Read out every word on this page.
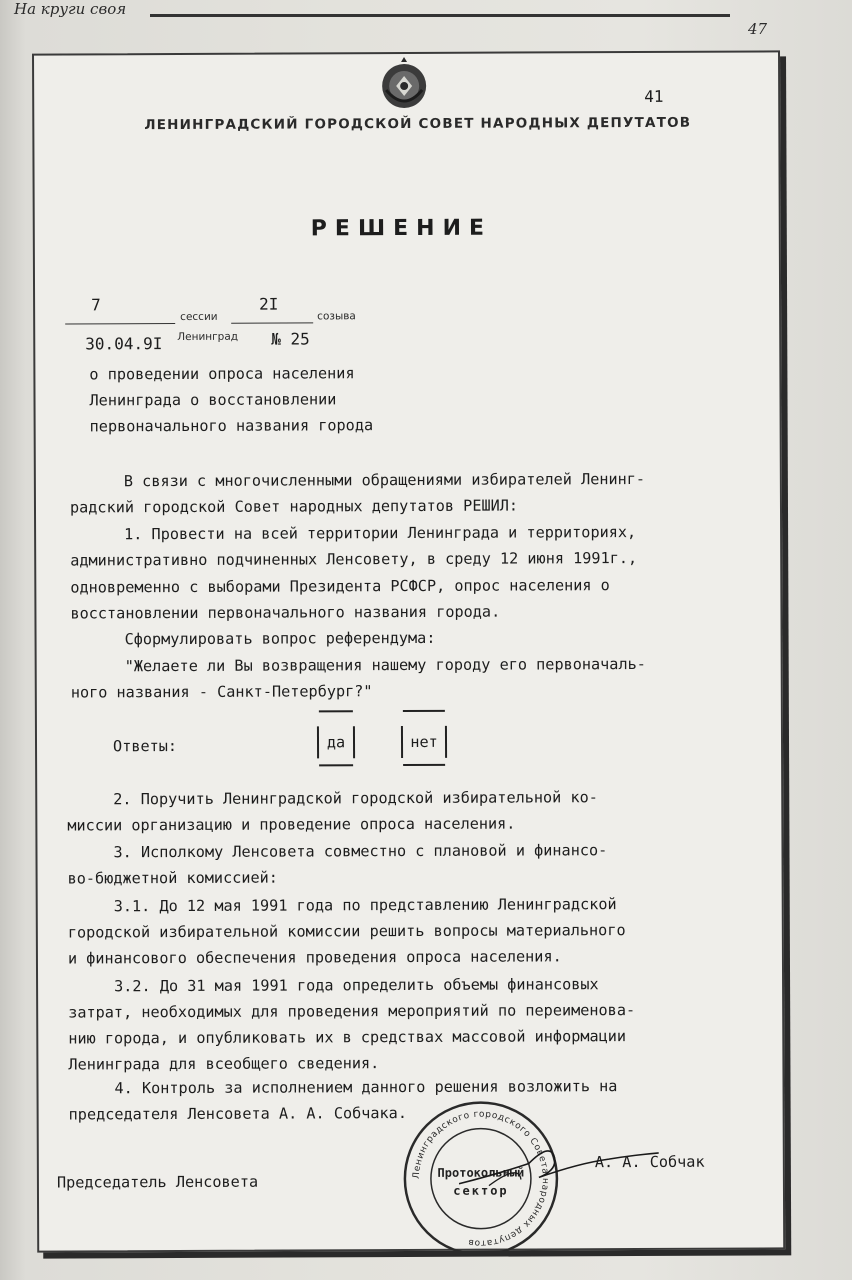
На круги своя
47
41
ЛЕНИНГРАДСКИЙ ГОРОДСКОЙ СОВЕТ НАРОДНЫХ ДЕПУТАТОВ
РЕШЕНИЕ
7
сессии
2I
созыва
30.04.9I Ленинград № 25
о проведении опроса населения
Ленинграда о восстановлении
первоначального названия города
В связи с многочисленными обращениями избирателей Ленинг-
радский городской Совет народных депутатов РЕШИЛ:
1. Провести на всей территории Ленинграда и территориях,
административно подчиненных Ленсовету, в среду 12 июня 1991г.,
одновременно с выборами Президента РСФСР, опрос населения о
восстановлении первоначального названия города.
Сформулировать вопрос референдума:
"Желаете ли Вы возвращения нашему городу его первоначаль-
ного названия - Санкт-Петербург?"
Ответы:	да	нет
2. Поручить Ленинградской городской избирательной ко-
миссии организацию и проведение опроса населения.
3. Исполкому Ленсовета совместно с плановой и финансо-
во-бюджетной комиссией:
3.1. До 12 мая 1991 года по представлению Ленинградской
городской избирательной комиссии решить вопросы материального
и финансового обеспечения проведения опроса населения.
3.2. До 31 мая 1991 года определить объемы финансовых
затрат, необходимых для проведения мероприятий по переименова-
нию города, и опубликовать их в средствах массовой информации
Ленинграда для всеобщего сведения.
4. Контроль за исполнением данного решения возложить на
председателя Ленсовета А. А. Собчака.
Ленинградского городского Совета народных депутатов
Протокольный
сектор
Председатель Ленсовета
А. А. Собчак
